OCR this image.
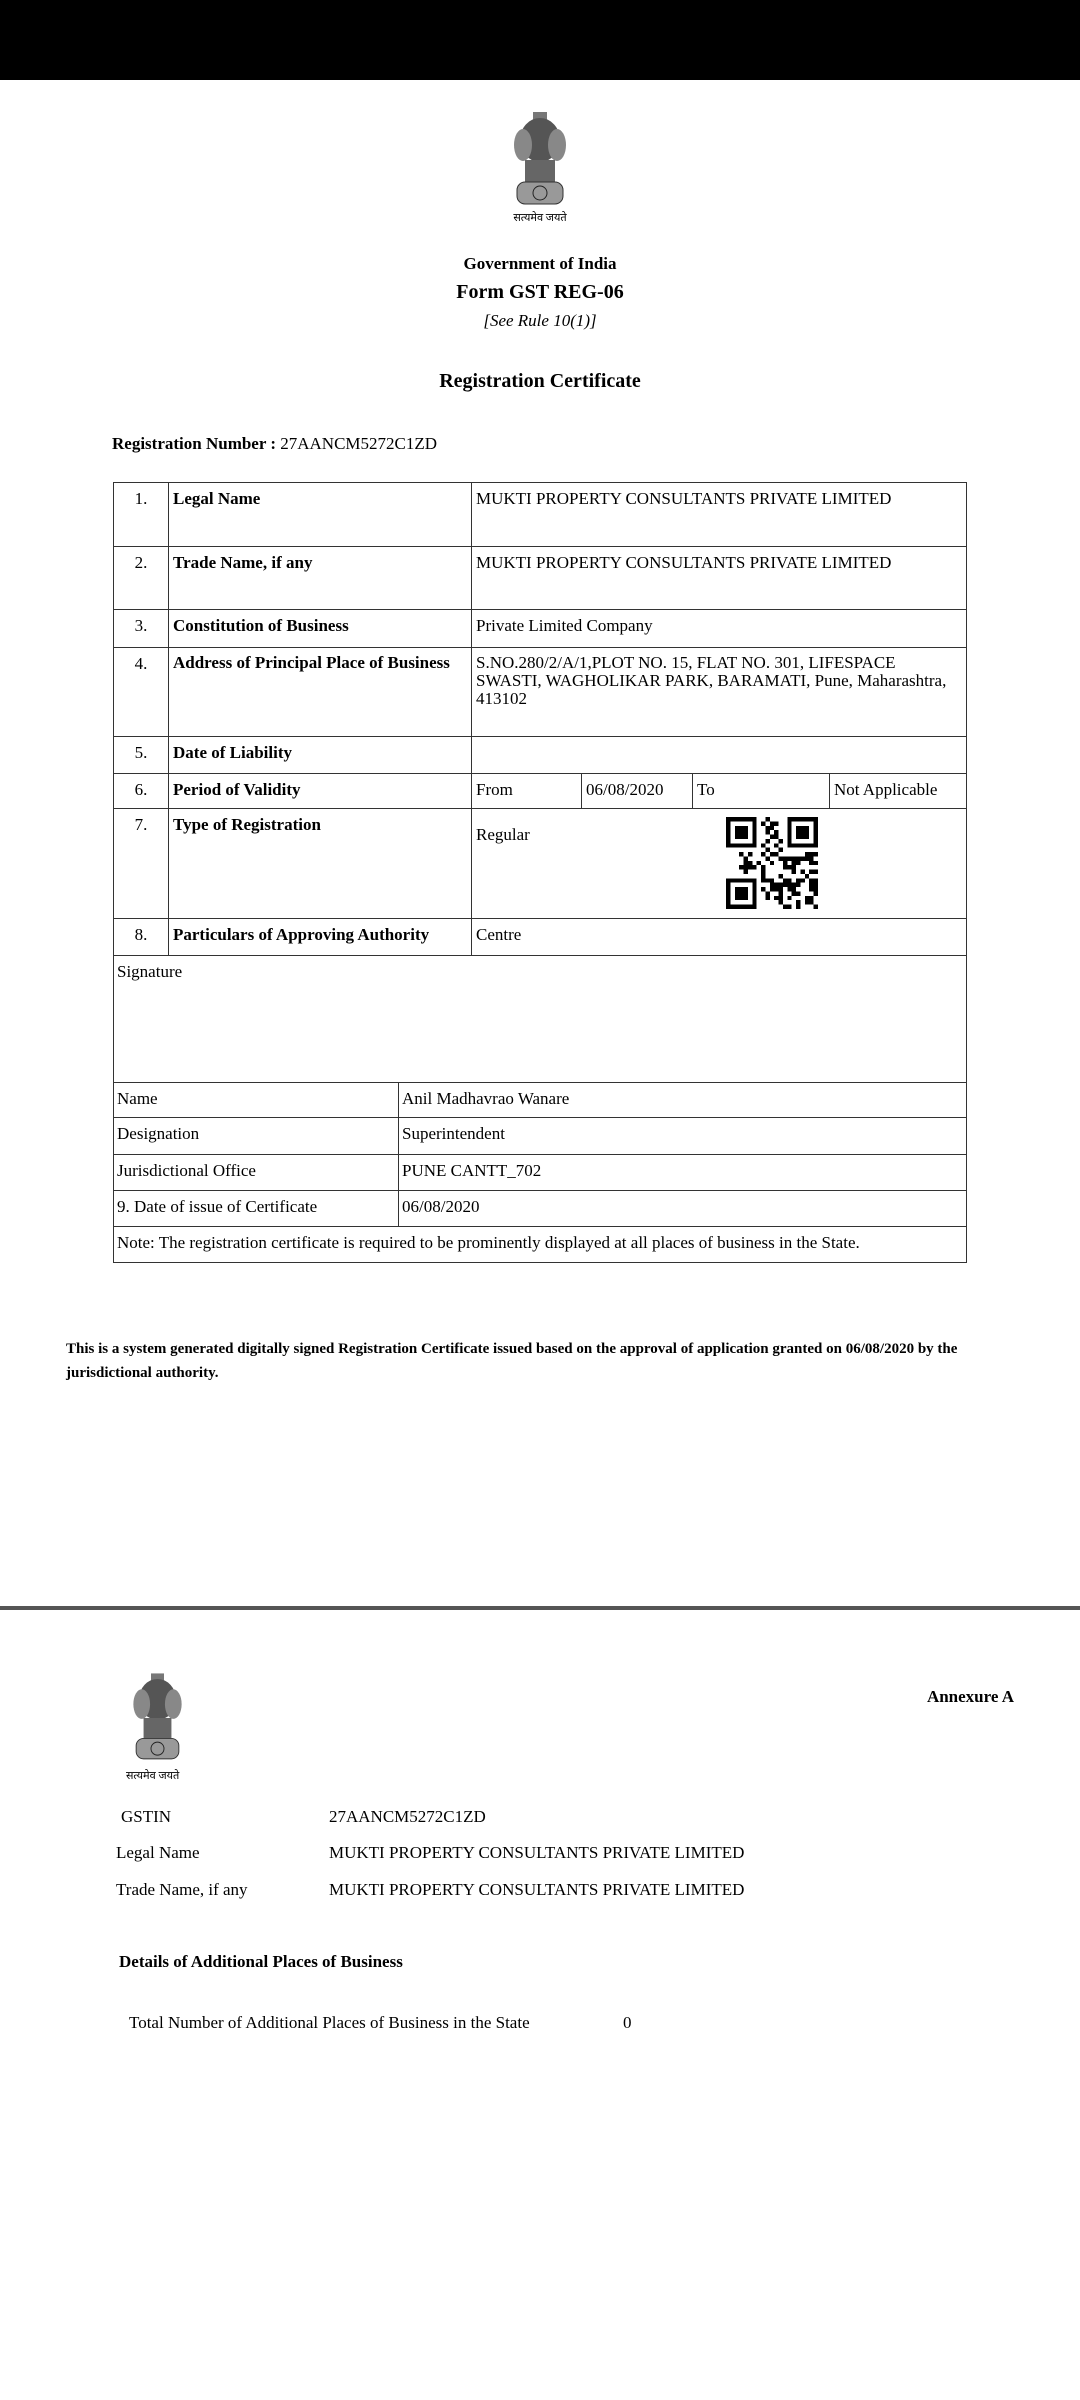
सत्यमेव जयते
Government of India
Form GST REG-06
[See Rule 10(1)]
Registration Certificate
Registration Number : 27AANCM5272C1ZD
1.	Legal Name	MUKTI PROPERTY CONSULTANTS PRIVATE LIMITED			
2.	Trade Name, if any	MUKTI PROPERTY CONSULTANTS PRIVATE LIMITED			
3.	Constitution of Business	Private Limited Company			
4.	Address of Principal Place of Business	S.NO.280/2/A/1,PLOT NO. 15, FLAT NO. 301, LIFESPACE SWASTI, WAGHOLIKAR PARK, BARAMATI, Pune, Maharashtra, 413102			
5.	Date of Liability				
6.	Period of Validity	From	06/08/2020	To	Not Applicable
7.	Type of Registration	Regular			

8.	Particulars of Approving Authority	Centre			
Signature	
Name	Anil Madhavrao Wanare
Designation	Superintendent
Jurisdictional Office	PUNE CANTT_702
9. Date of issue of Certificate	06/08/2020
Note: The registration certificate is required to be prominently displayed at all places of business in the State.	
This is a system generated digitally signed Registration Certificate issued based on the approval of application granted on 06/08/2020 by the jurisdictional authority.
सत्यमेव जयते
Annexure A
GSTIN	27AANCM5272C1ZD
Legal Name	MUKTI PROPERTY CONSULTANTS PRIVATE LIMITED
Trade Name, if any	MUKTI PROPERTY CONSULTANTS PRIVATE LIMITED
Details of Additional Places of Business
Total Number of Additional Places of Business in the State	0
